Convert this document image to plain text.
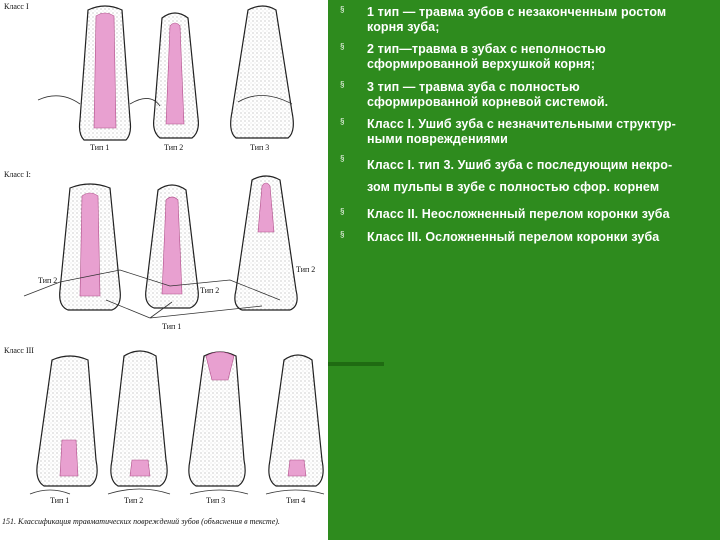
Класс I
Класс I:
Класс III
Тип 1	Тип 2	Тип 3
Тип 2
Тип 2
Тип 2
Тип 1
Тип 1	Тип 2	Тип 3	Тип 4
151. Классификация травматических повреждений зубов (объяснения в тексте).
§ 1 тип — травма зубов с незаконченным ростом
корня зуба;
§ 2 тип—травма в зубах с неполностью
сформированной верхушкой корня;
§ 3 тип — травма зуба с полностью
сформированной корневой системой.
§ Класс I. Ушиб зуба с незначительными структур-
ными повреждениями
§ Класс I. тип 3. Ушиб зуба с последующим некро-
зом пульпы в зубе с полностью сфор. корнем
§ Класс II. Неосложненный перелом коронки зуба
§ Класс III. Осложненный перелом коронки зуба
